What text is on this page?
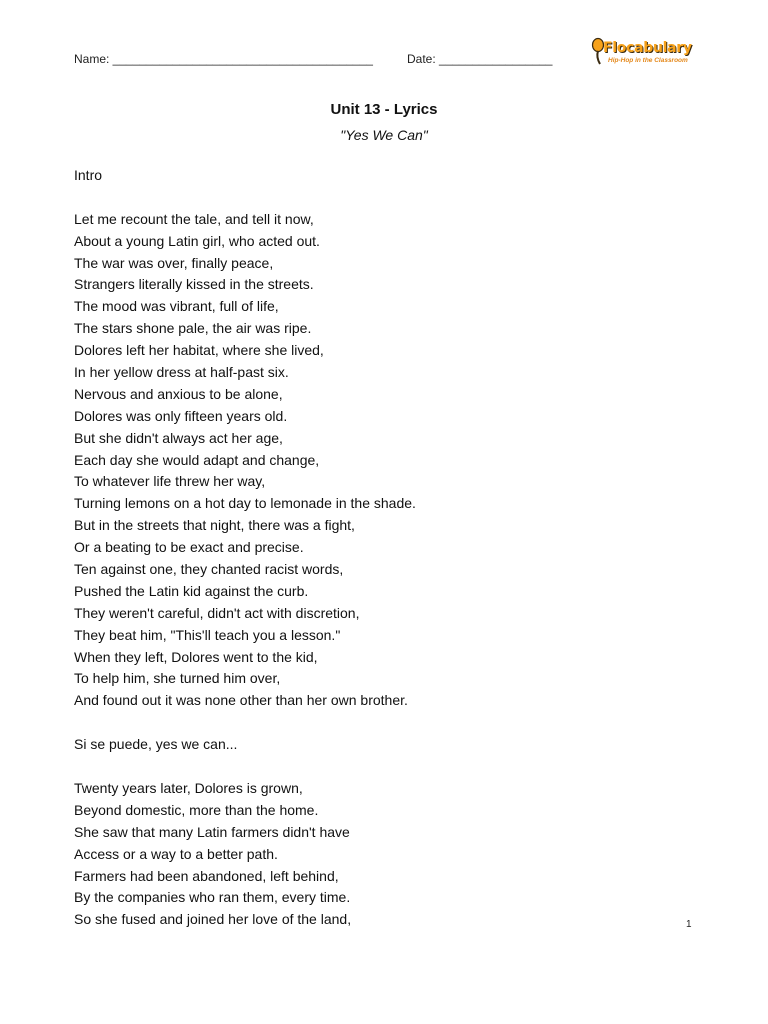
Name: _______________________________________	Date: _________________
Flocabulary
Hip-Hop in the Classroom
Unit 13 - Lyrics
"Yes We Can"
Intro
Let me recount the tale, and tell it now,
About a young Latin girl, who acted out.
The war was over, finally peace,
Strangers literally kissed in the streets.
The mood was vibrant, full of life,
The stars shone pale, the air was ripe.
Dolores left her habitat, where she lived,
In her yellow dress at half-past six.
Nervous and anxious to be alone,
Dolores was only fifteen years old.
But she didn't always act her age,
Each day she would adapt and change,
To whatever life threw her way,
Turning lemons on a hot day to lemonade in the shade.
But in the streets that night, there was a fight,
Or a beating to be exact and precise.
Ten against one, they chanted racist words,
Pushed the Latin kid against the curb.
They weren't careful, didn't act with discretion,
They beat him, "This'll teach you a lesson."
When they left, Dolores went to the kid,
To help him, she turned him over,
And found out it was none other than her own brother.
Si se puede, yes we can...
Twenty years later, Dolores is grown,
Beyond domestic, more than the home.
She saw that many Latin farmers didn't have
Access or a way to a better path.
Farmers had been abandoned, left behind,
By the companies who ran them, every time.
So she fused and joined her love of the land,	1
